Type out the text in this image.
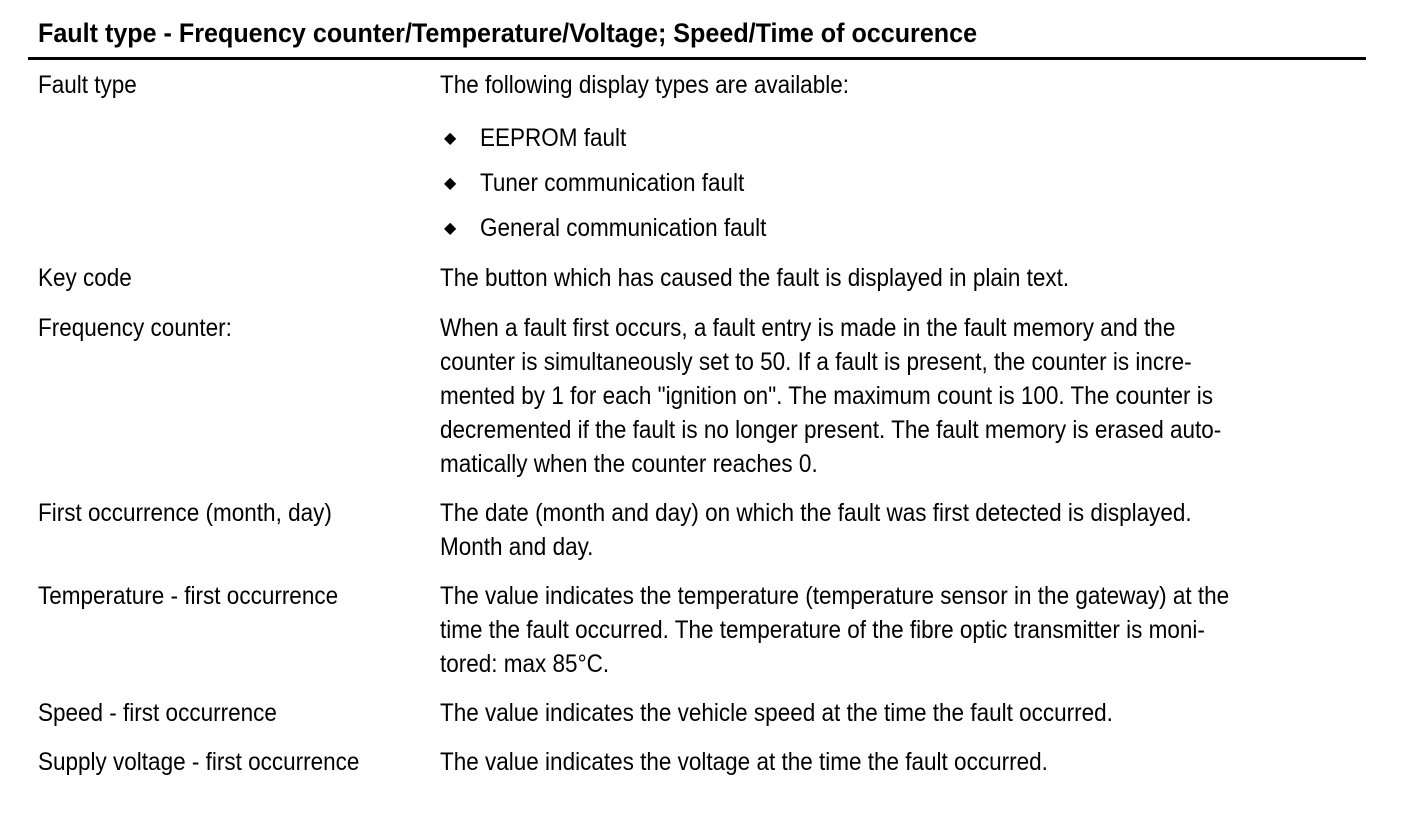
Fault type - Frequency counter/Temperature/Voltage; Speed/Time of occurence
Fault type	The following display types are available:
◆ EEPROM fault
◆ Tuner communication fault
◆ General communication fault
Key code	The button which has caused the fault is displayed in plain text.
Frequency counter:	When a fault first occurs, a fault entry is made in the fault memory and the
counter is simultaneously set to 50. If a fault is present, the counter is incre-
mented by 1 for each "ignition on". The maximum count is 100. The counter is
decremented if the fault is no longer present. The fault memory is erased auto-
matically when the counter reaches 0.
First occurrence (month, day)	The date (month and day) on which the fault was first detected is displayed.
Month and day.
Temperature - first occurrence	The value indicates the temperature (temperature sensor in the gateway) at the
time the fault occurred. The temperature of the fibre optic transmitter is moni-
tored: max 85°C.
Speed - first occurrence	The value indicates the vehicle speed at the time the fault occurred.
Supply voltage - first occurrence	The value indicates the voltage at the time the fault occurred.
